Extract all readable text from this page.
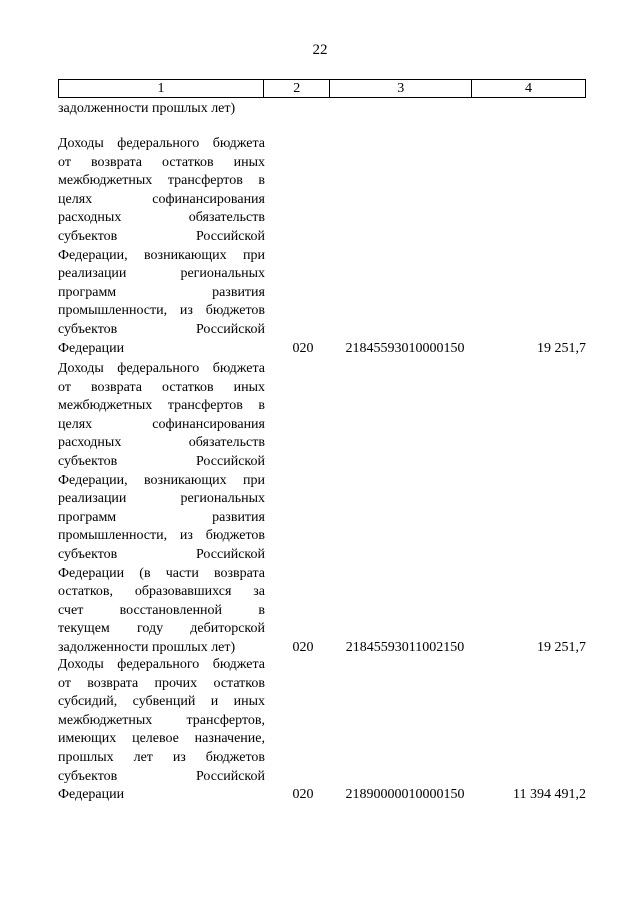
22
1	2	3	4
задолженности прошлых лет)
Доходы федерального бюджета
от возврата остатков иных
межбюджетных трансфертов в
целях софинансирования
расходных обязательств
субъектов Российской
Федерации, возникающих при
реализации региональных
программ развития
промышленности, из бюджетов
субъектов Российской
Федерации	020	21845593010000150	19 251,7
Доходы федерального бюджета
от возврата остатков иных
межбюджетных трансфертов в
целях софинансирования
расходных обязательств
субъектов Российской
Федерации, возникающих при
реализации региональных
программ развития
промышленности, из бюджетов
субъектов Российской
Федерации (в части возврата
остатков, образовавшихся за
счет восстановленной в
текущем году дебиторской
задолженности прошлых лет)	020	21845593011002150	19 251,7
Доходы федерального бюджета
от возврата прочих остатков
субсидий, субвенций и иных
межбюджетных трансфертов,
имеющих целевое назначение,
прошлых лет из бюджетов
субъектов Российской
Федерации	020	21890000010000150	11 394 491,2
